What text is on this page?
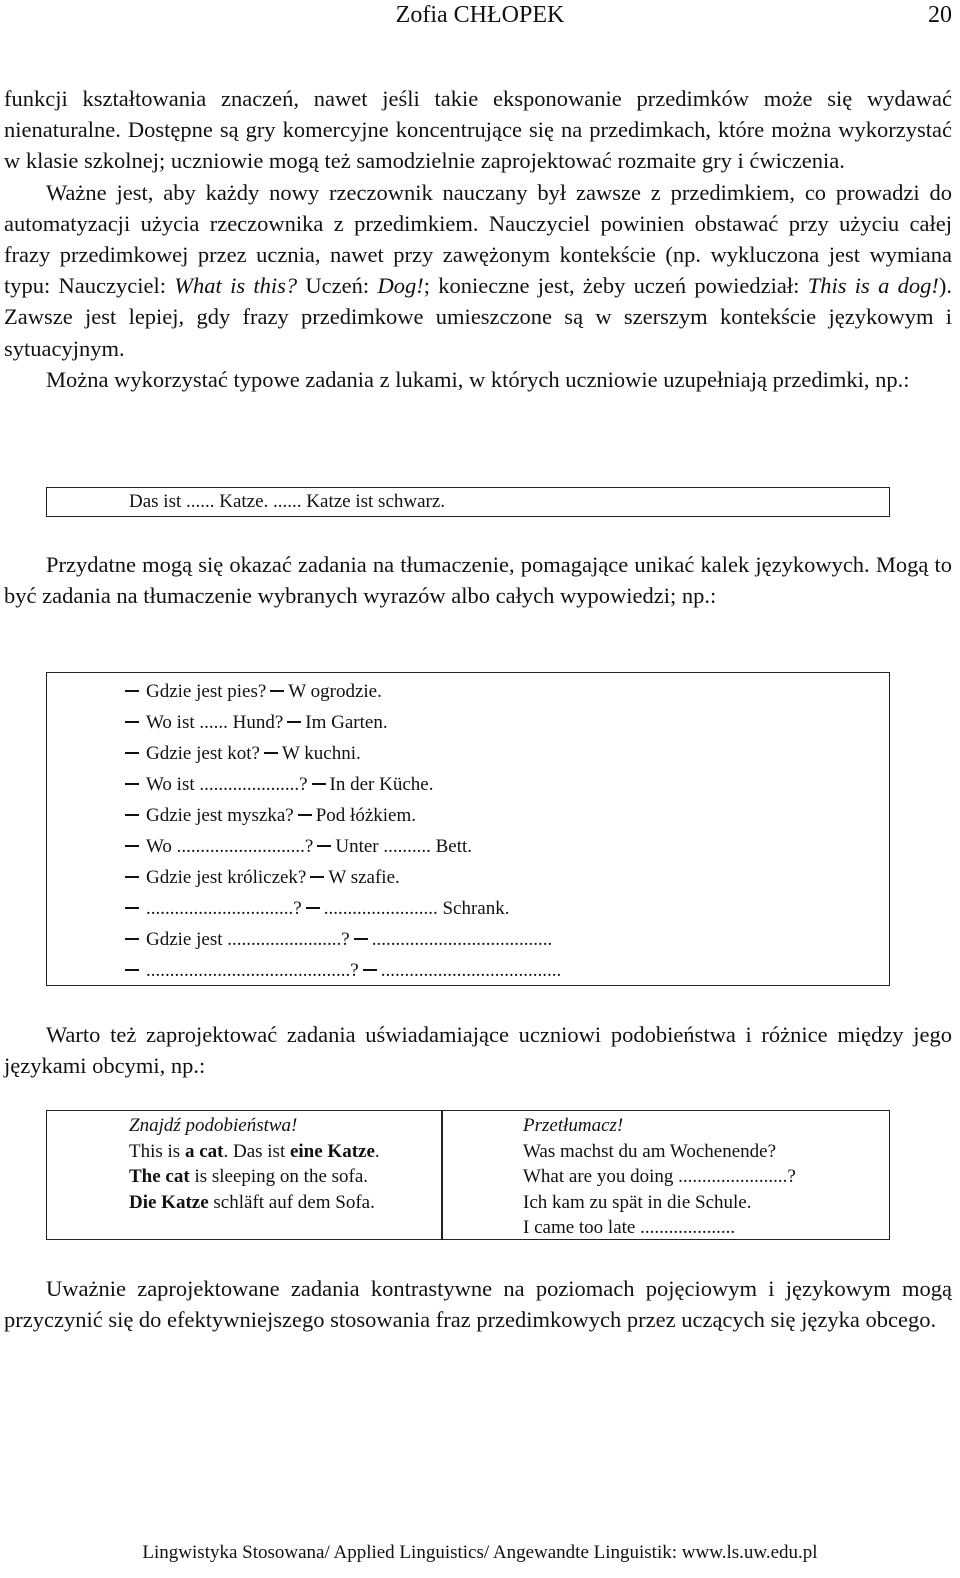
Zofia CHŁOPEK	20

funkcji kształtowania znaczeń, nawet jeśli takie eksponowanie przedimków może się wydawać nienaturalne. Dostępne są gry komercyjne koncentrujące się na przedimkach, które można wykorzystać w klasie szkolnej; uczniowie mogą też samodzielnie zaprojektować rozmaite gry i ćwiczenia.

Ważne jest, aby każdy nowy rzeczownik nauczany był zawsze z przedimkiem, co prowadzi do automatyzacji użycia rzeczownika z przedimkiem. Nauczyciel powinien obstawać przy użyciu całej frazy przedimkowej przez ucznia, nawet przy zawężonym kontekście (np. wykluczona jest wymiana typu: Nauczyciel: What is this? Uczeń: Dog!; konieczne jest, żeby uczeń powiedział: This is a dog!). Zawsze jest lepiej, gdy frazy przedimkowe umieszczone są w szerszym kontekście językowym i sytuacyjnym.

Można wykorzystać typowe zadania z lukami, w których uczniowie uzupełniają przedimki, np.:

Das ist ...... Katze. ...... Katze ist schwarz.

Przydatne mogą się okazać zadania na tłumaczenie, pomagające unikać kalek językowych. Mogą to być zadania na tłumaczenie wybranych wyrazów albo całych wypowiedzi; np.:

Gdzie jest pies? W ogrodzie.
Wo ist ...... Hund? Im Garten.
Gdzie jest kot? W kuchni.
Wo ist .....................? In der Küche.
Gdzie jest myszka? Pod łóżkiem.
Wo ...........................? Unter .......... Bett.
Gdzie jest króliczek? W szafie.
...............................? ........................ Schrank.
Gdzie jest ........................? ......................................
...........................................? ......................................

Warto też zaprojektować zadania uświadamiające uczniowi podobieństwa i różnice między jego językami obcymi, np.:

Znajdź podobieństwa!
This is a cat. Das ist eine Katze.
The cat is sleeping on the sofa.
Die Katze schläft auf dem Sofa.
Przetłumacz!
Was machst du am Wochenende?
What are you doing .......................?
Ich kam zu spät in die Schule.
I came too late ....................

Uważnie zaprojektowane zadania kontrastywne na poziomach pojęciowym i językowym mogą przyczynić się do efektywniejszego stosowania fraz przedimkowych przez uczących się języka obcego.

Lingwistyka Stosowana/ Applied Linguistics/ Angewandte Linguistik: www.ls.uw.edu.pl
